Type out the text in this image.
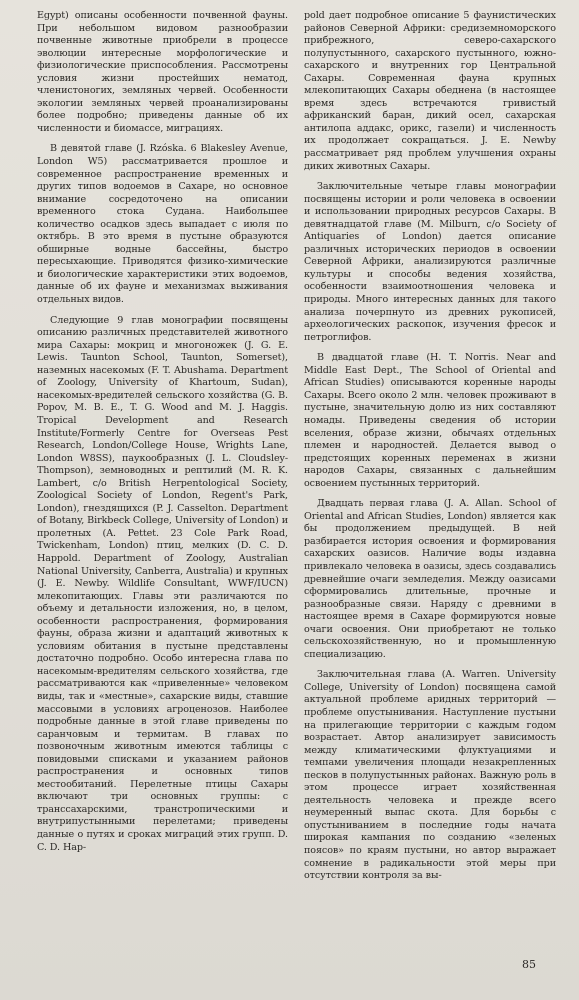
Egypt) описаны особенности почвенной фауны. При небольшом видовом разнообразии почвенные животные приобрели в процессе эволюции интересные морфологические и физиологические приспособления. Рассмотрены условия жизни простейших нематод, членистоногих, земляных червей. Особенности экологии земляных червей проанализированы более подробно; приведены данные об их численности и биомассе, миграциях.

В девятой главе (J. Rzóska. 6 Blakesley Avenue, London W5) рассматривается прошлое и современное распространение временных и других типов водоемов в Сахаре, но основное внимание сосредоточено на описании временного стока Судана. Наибольшее количество осадков здесь выпадает с июля по октябрь. В это время в пустыне образуются обширные водные бассейны, быстро пересыхающие. Приводятся физико-химические и биологические характеристики этих водоемов, данные об их фауне и механизмах выживания отдельных видов.

Следующие 9 глав монографии посвящены описанию различных представителей животного мира Сахары: мокриц и многоножек (J. G. E. Lewis. Taunton School, Taunton, Somerset), наземных насекомых (F. T. Abushama. Department of Zoology, University of Khartoum, Sudan), насекомых-вредителей сельского хозяйства (G. B. Popov, M. B. E., T. G. Wood and M. J. Haggis. Tropical Development and Research Institute/Formerly Centre for Overseas Pest Research, London/College House, Wrights Lane, London W8SS), паукообразных (J. L. Cloudsley-Thompson), земноводных и рептилий (M. R. K. Lambert, c/o British Herpentological Society, Zoological Society of London, Regent's Park, London), гнездящихся (P. J. Casselton. Department of Botany, Birkbeck College, University of London) и пролетных (A. Pettet. 23 Cole Park Road, Twickenham, London) птиц, мелких (D. C. D. Happold. Department of Zoology, Australian National University, Canberra, Australia) и крупных (J. E. Newby. Wildlife Consultant, WWF/IUCN) млекопитающих. Главы эти различаются по объему и детальности изложения, но, в целом, особенности распространения, формирования фауны, образа жизни и адаптаций животных к условиям обитания в пустыне представлены достаточно подробно. Особо интересна глава по насекомым-вредителям сельского хозяйства, где рассматриваются как «привеленные» человеком виды, так и «местные», сахарские виды, ставшие массовыми в условиях агроценозов. Наиболее подробные данные в этой главе приведены по саранчовым и термитам. В главах по позвоночным животным имеются таблицы с повидовыми списками и указанием районов распространения и основных типов местообитаний. Перелетные птицы Сахары включают три основных группы: с транссахарскими, транстропическими и внутрипустынными перелетами; приведены данные о путях и сроках миграций этих групп. D. C. D. Hap-

pold дает подробное описание 5 фаунистических районов Северной Африки: средиземноморского прибрежного, северо-сахарского полупустынного, сахарского пустынного, южно-сахарского и внутренних гор Центральной Сахары. Современная фауна крупных млекопитающих Сахары обеднена (в настоящее время здесь встречаются гривистый африканский баран, дикий осел, сахарская антилопа аддакс, орикс, газели) и численность их продолжает сокращаться. J. E. Newby рассматривает ряд проблем улучшения охраны диких животных Сахары.

Заключительные четыре главы монографии посвящены истории и роли человека в освоении и использовании природных ресурсов Сахары. В девятнадцатой главе (M. Milburn, c/o Society of Antiquaries of London) дается описание различных исторических периодов в освоении Северной Африки, анализируются различные культуры и способы ведения хозяйства, особенности взаимоотношения человека и природы. Много интересных данных для такого анализа почерпнуто из древних рукописей, археологических раскопок, изучения фресок и петроглифов.

В двадцатой главе (H. T. Norris. Near and Middle East Dept., The School of Oriental and African Studies) описываются коренные народы Сахары. Всего около 2 млн. человек проживают в пустыне, значительную долю из них составляют номады. Приведены сведения об истории вселения, образе жизни, обычаях отдельных племен и народностей. Делается вывод о предстоящих коренных переменах в жизни народов Сахары, связанных с дальнейшим освоением пустынных территорий.

Двадцать первая глава (J. A. Allan. School of Oriental and African Studies, London) является как бы продолжением предыдущей. В ней разбирается история освоения и формирования сахарских оазисов. Наличие воды издавна привлекало человека в оазисы, здесь создавались древнейшие очаги земледелия. Между оазисами сформировались длительные, прочные и разнообразные связи. Наряду с древними в настоящее время в Сахаре формируются новые очаги освоения. Они приобретают не только сельскохозяйственную, но и промышленную специализацию.

Заключительная глава (A. Warren. University College, University of London) посвящена самой актуальной проблеме аридных территорий — проблеме опустынивания. Наступление пустыни на прилегающие территории с каждым годом возрастает. Автор анализирует зависимость между климатическими флуктуациями и темпами увеличения площади незакрепленных песков в полупустынных районах. Важную роль в этом процессе играет хозяйственная деятельность человека и прежде всего неумеренный выпас скота. Для борьбы с опустыниванием в последние годы начата широкая кампания по созданию «зеленых поясов» по краям пустыни, но автор выражает сомнение в радикальности этой меры при отсутствии контроля за вы-

85
